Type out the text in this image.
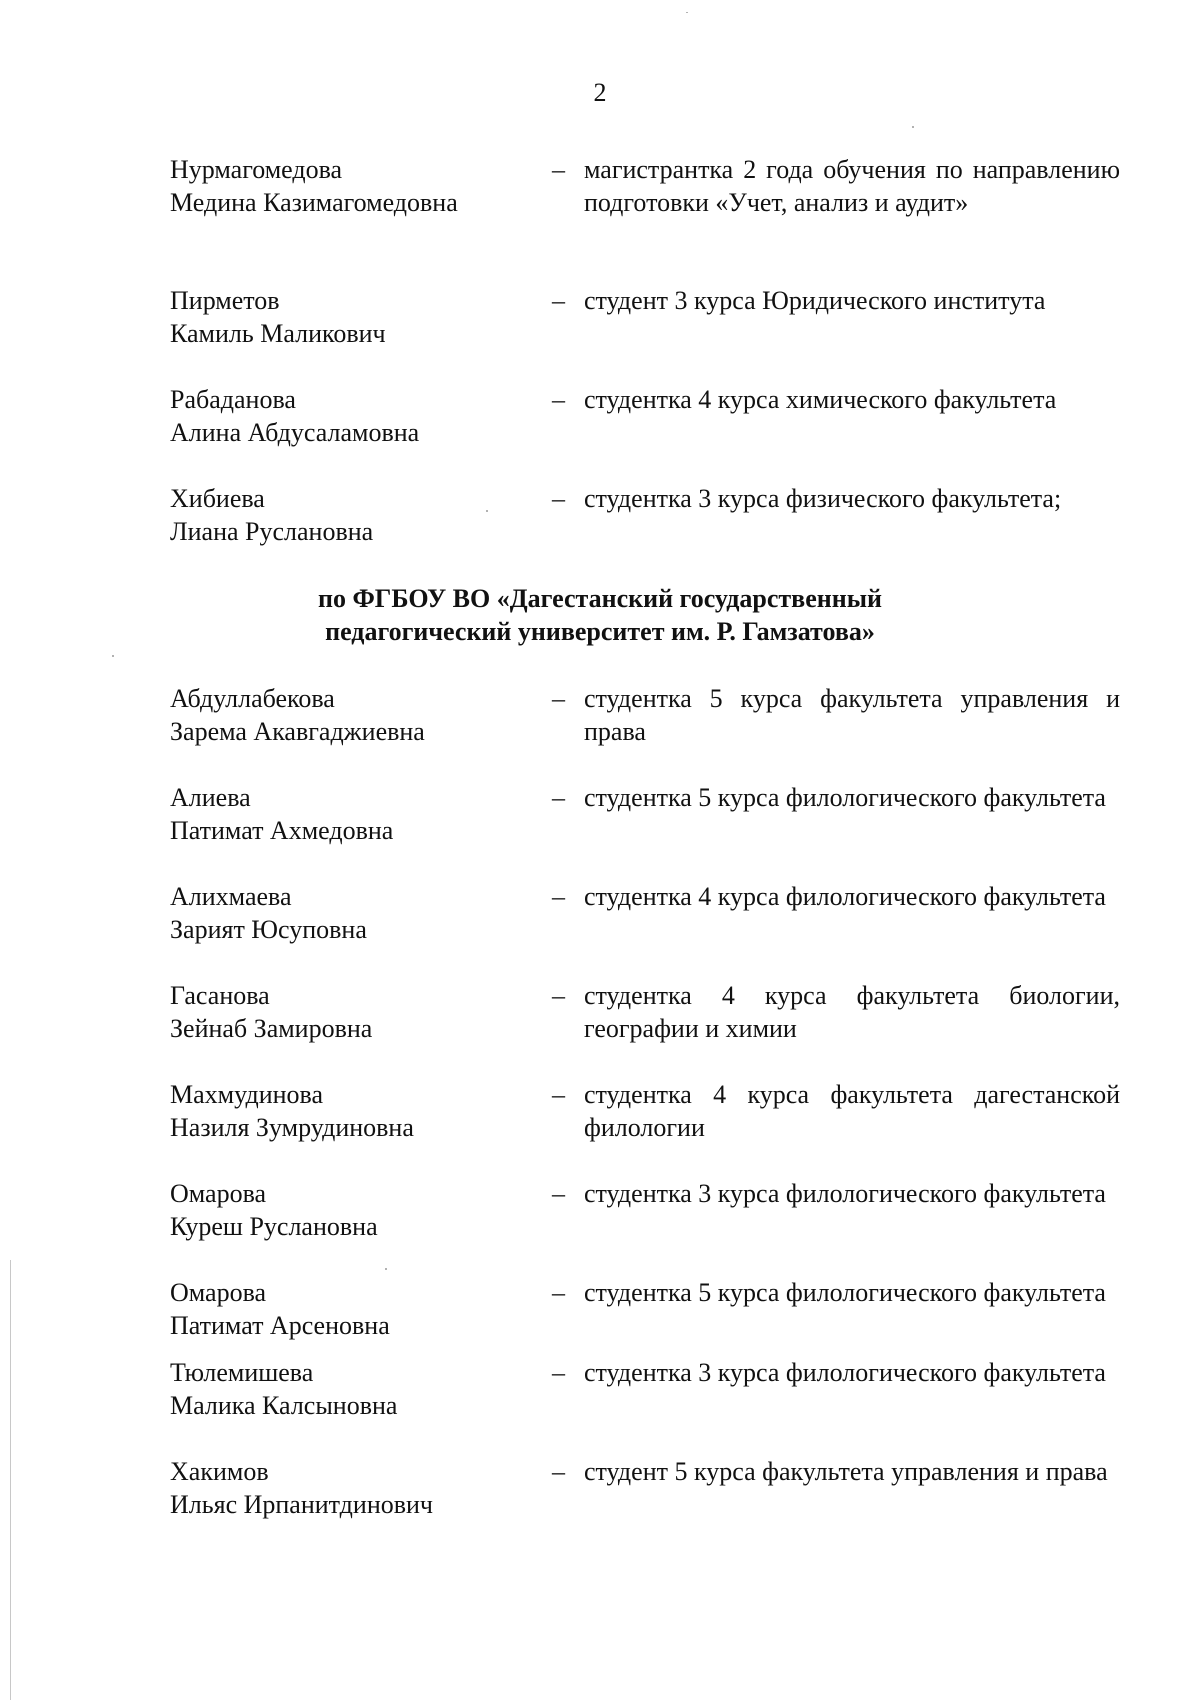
2
Нурмагомедова
Медина Казимагомедовна
– магистрантка 2 года обучения по направлению подготовки «Учет, анализ и аудит»
Пирметов
Камиль Маликович
– студент 3 курса Юридического института
Рабаданова
Алина Абдусаламовна
– студентка 4 курса химического факультета
Хибиева
Лиана Руслановна
– студентка 3 курса физического факультета;
по ФГБОУ ВО «Дагестанский государственный
педагогический университет им. Р. Гамзатова»
Абдуллабекова
Зарема Акавгаджиевна
– студентка 5 курса факультета управления и права
Алиева
Патимат Ахмедовна
– студентка 5 курса филологического факультета
Алихмаева
Зарият Юсуповна
– студентка 4 курса филологического факультета
Гасанова
Зейнаб Замировна
– студентка 4 курса факультета биологии, географии и химии
Махмудинова
Назиля Зумрудиновна
– студентка 4 курса факультета дагестанской филологии
Омарова
Куреш Руслановна
– студентка 3 курса филологического факультета
Омарова
Патимат Арсеновна
– студентка 5 курса филологического факультета
Тюлемишева
Малика Калсыновна
– студентка 3 курса филологического факультета
Хакимов
Ильяс Ирпанитдинович
– студент 5 курса факультета управления и права
